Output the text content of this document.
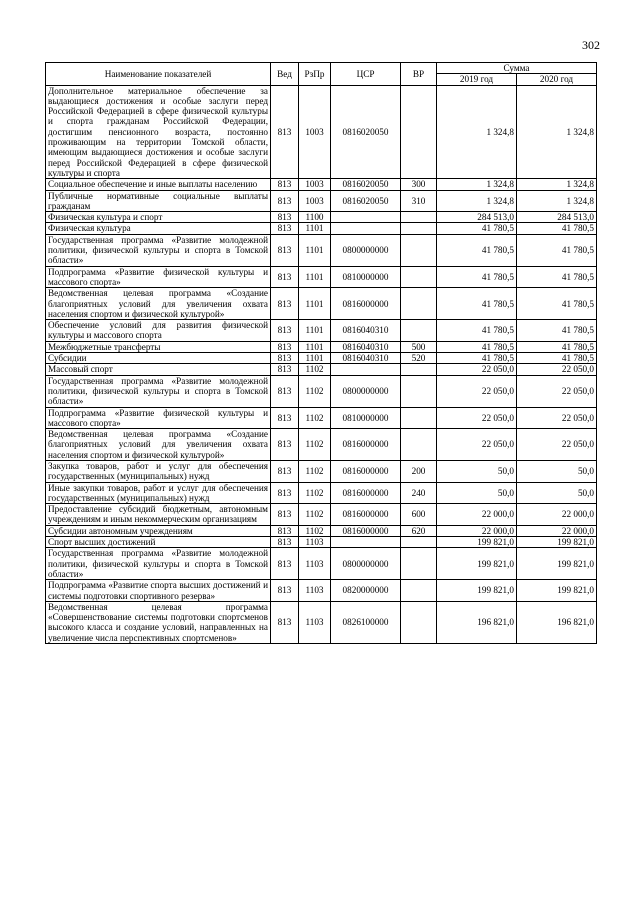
302
Наименование показателей	Вед	РзПр	ЦСР	ВР	Сумма	
					2019 год	2020 год
Дополнительное материальное обеспечение за выдающиеся достижения и особые заслуги перед Российской Федерацией в сфере физической культуры и спорта гражданам Российской Федерации, достигшим пенсионного возраста, постоянно проживающим на территории Томской области, имеющим выдающиеся достижения и особые заслуги перед Российской Федерацией в сфере физической культуры и спорта	813	1003	0816020050		1 324,8	1 324,8
Социальное обеспечение и иные выплаты населению	813	1003	0816020050	300	1 324,8	1 324,8
Публичные нормативные социальные выплаты гражданам	813	1003	0816020050	310	1 324,8	1 324,8
Физическая культура и спорт	813	1100			284 513,0	284 513,0
Физическая культура	813	1101			41 780,5	41 780,5
Государственная программа «Развитие молодежной политики, физической культуры и спорта в Томской области»	813	1101	0800000000		41 780,5	41 780,5
Подпрограмма «Развитие физической культуры и массового спорта»	813	1101	0810000000		41 780,5	41 780,5
Ведомственная целевая программа «Создание благоприятных условий для увеличения охвата населения спортом и физической культурой»	813	1101	0816000000		41 780,5	41 780,5
Обеспечение условий для развития физической культуры и массового спорта	813	1101	0816040310		41 780,5	41 780,5
Межбюджетные трансферты	813	1101	0816040310	500	41 780,5	41 780,5
Субсидии	813	1101	0816040310	520	41 780,5	41 780,5
Массовый спорт	813	1102			22 050,0	22 050,0
Государственная программа «Развитие молодежной политики, физической культуры и спорта в Томской области»	813	1102	0800000000		22 050,0	22 050,0
Подпрограмма «Развитие физической культуры и массового спорта»	813	1102	0810000000		22 050,0	22 050,0
Ведомственная целевая программа «Создание благоприятных условий для увеличения охвата населения спортом и физической культурой»	813	1102	0816000000		22 050,0	22 050,0
Закупка товаров, работ и услуг для обеспечения государственных (муниципальных) нужд	813	1102	0816000000	200	50,0	50,0
Иные закупки товаров, работ и услуг для обеспечения государственных (муниципальных) нужд	813	1102	0816000000	240	50,0	50,0
Предоставление субсидий бюджетным, автономным учреждениям и иным некоммерческим организациям	813	1102	0816000000	600	22 000,0	22 000,0
Субсидии автономным учреждениям	813	1102	0816000000	620	22 000,0	22 000,0
Спорт высших достижений	813	1103			199 821,0	199 821,0
Государственная программа «Развитие молодежной политики, физической культуры и спорта в Томской области»	813	1103	0800000000		199 821,0	199 821,0
Подпрограмма «Развитие спорта высших достижений и системы подготовки спортивного резерва»	813	1103	0820000000		199 821,0	199 821,0
Ведомственная целевая программа «Совершенствование системы подготовки спортсменов высокого класса и создание условий, направленных на увеличение числа перспективных спортсменов»	813	1103	0826100000		196 821,0	196 821,0
